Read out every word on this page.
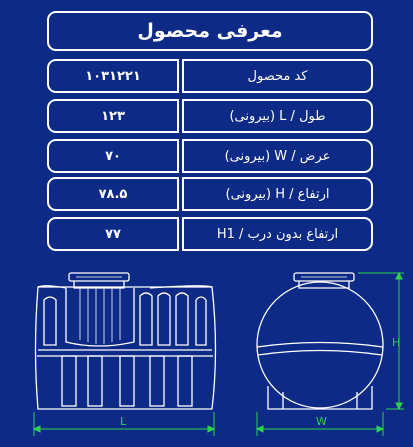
معرفی محصول
۱۰۳۱۲۲۱	کد محصول
۱۲۳	طول / L (بیرونی)
۷۰	عرض / W (بیرونی)
۷۸.۵	ارتفاع / H (بیرونی)
۷۷	ارتفاع بدون درب / H1
L	W
H
